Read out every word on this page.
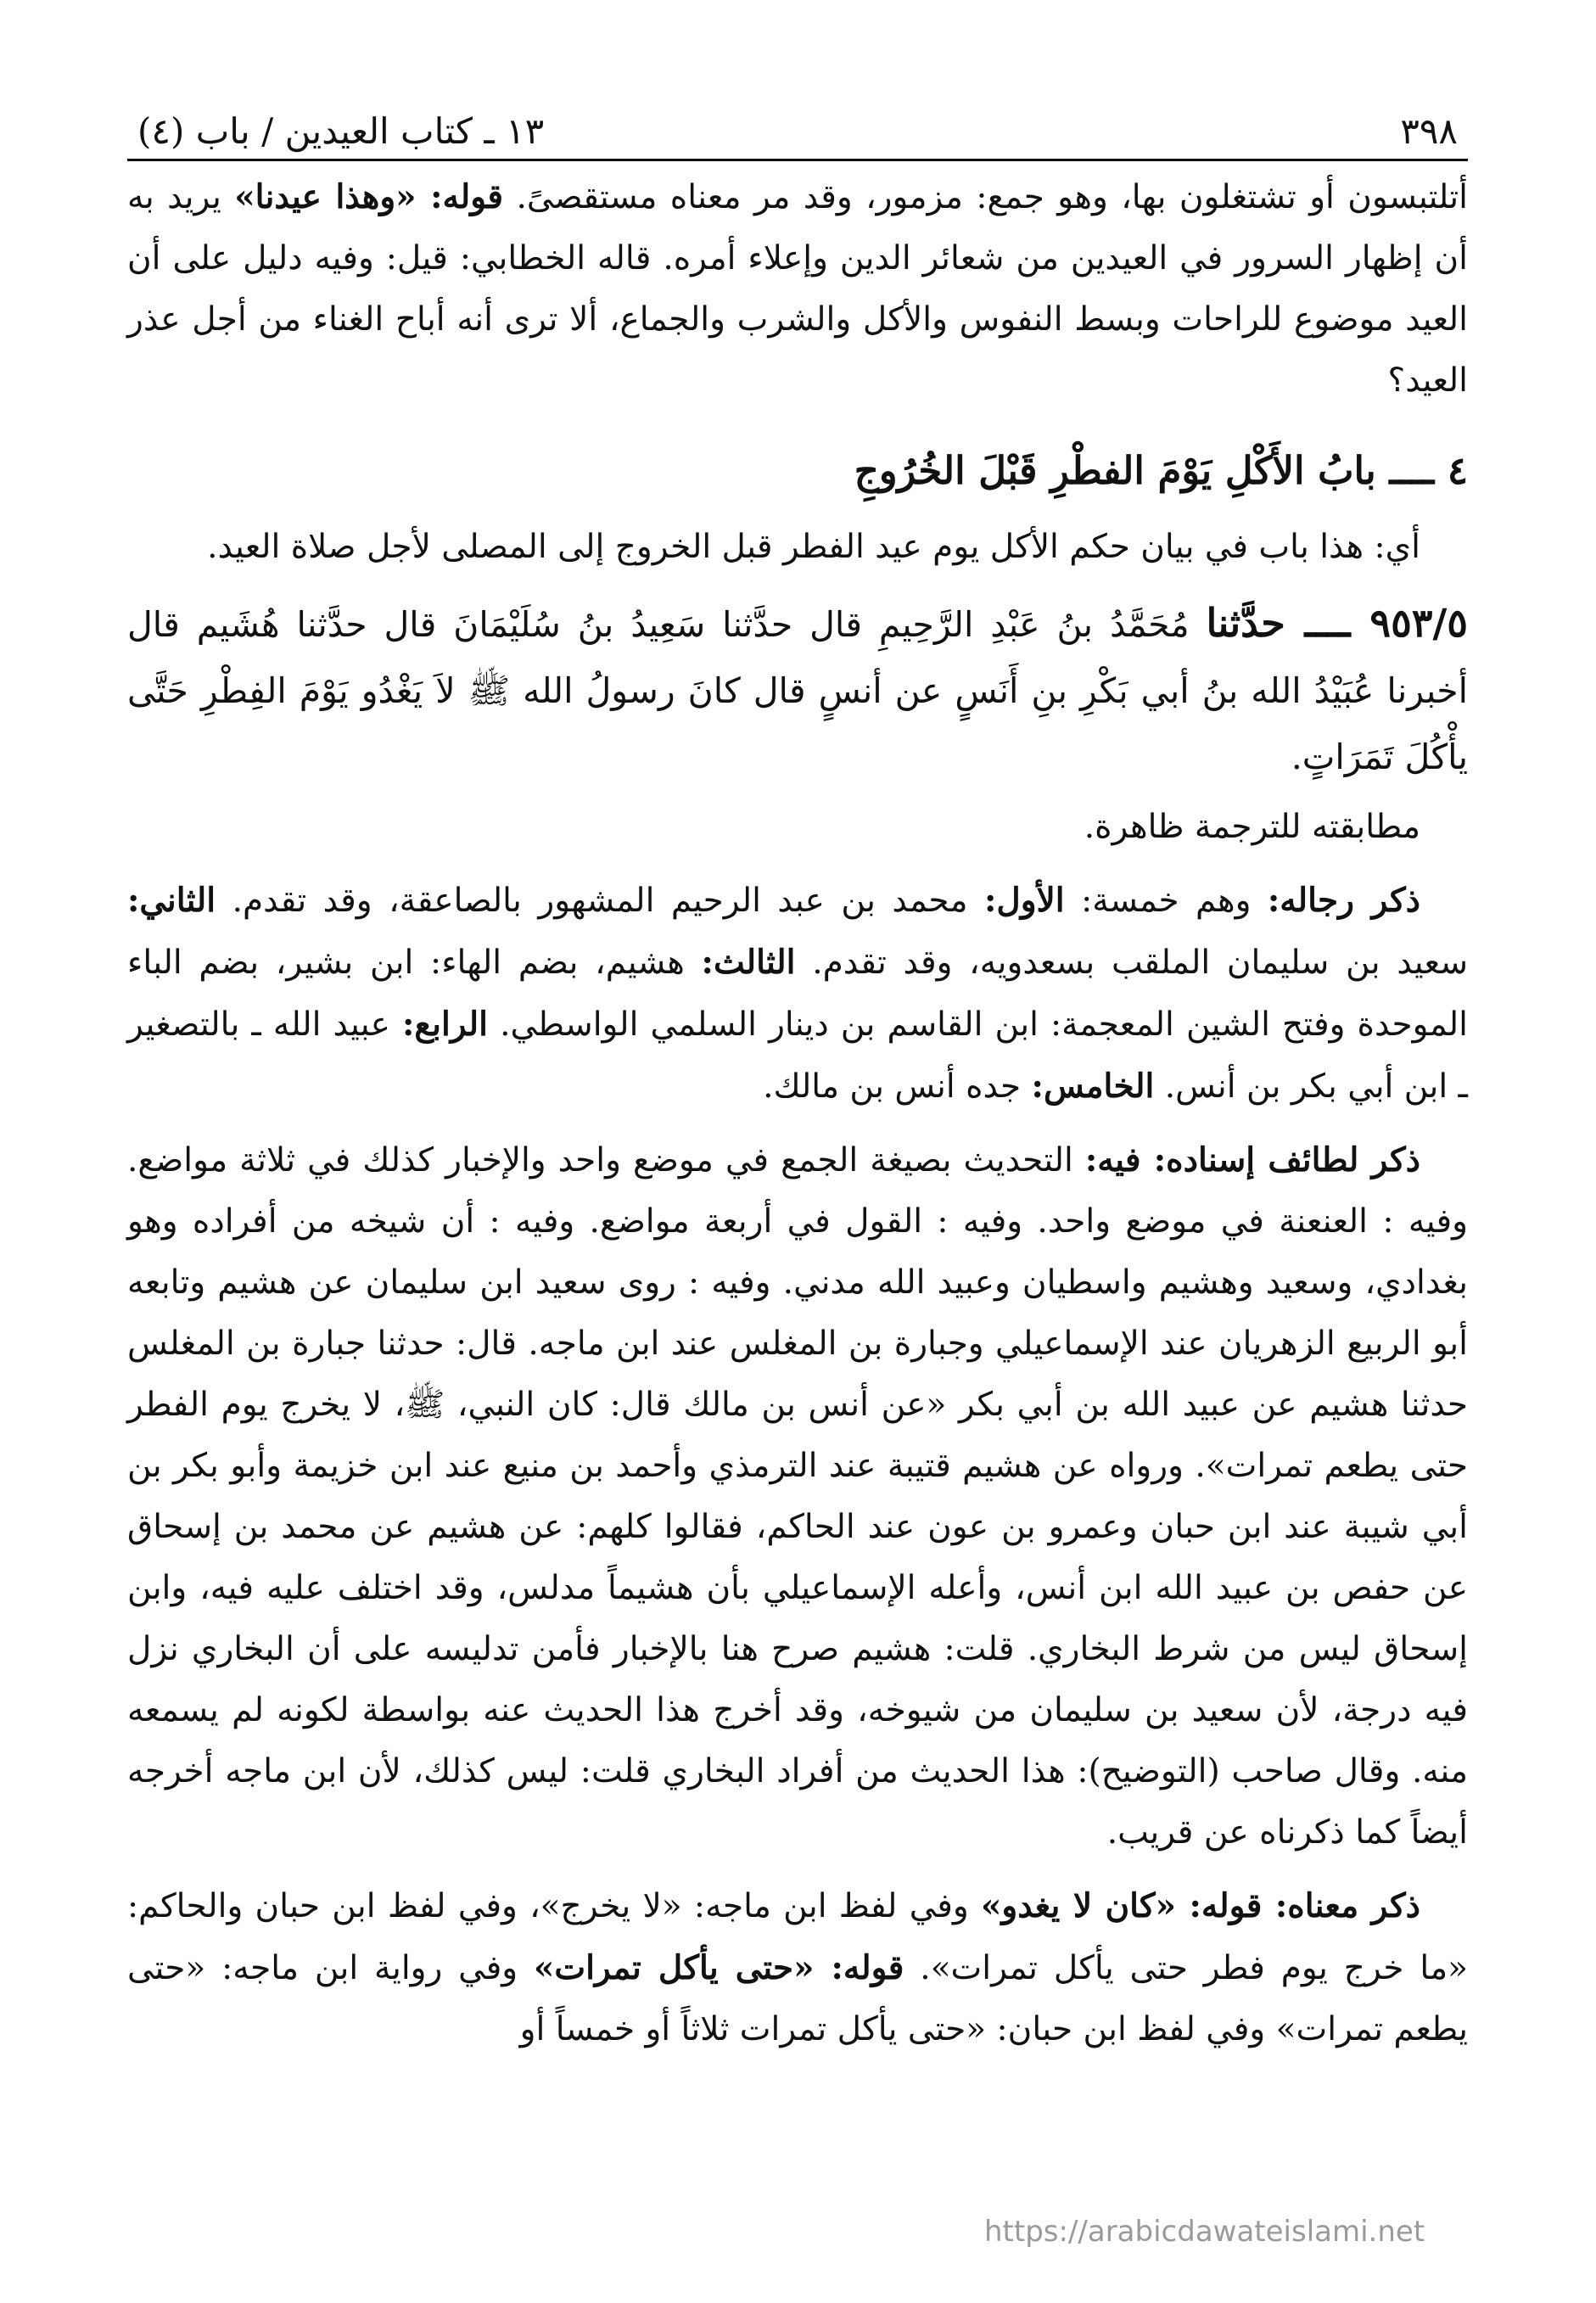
٣٩٨
١٣ ـ كتاب العيدين / باب (٤)

أتلتبسون أو تشتغلون بها، وهو جمع: مزمور، وقد مر معناه مستقصىً. قوله: «وهذا عيدنا» يريد به أن إظهار السرور في العيدين من شعائر الدين وإعلاء أمره. قاله الخطابي: قيل: وفيه دليل على أن العيد موضوع للراحات وبسط النفوس والأكل والشرب والجماع، ألا ترى أنه أباح الغناء من أجل عذر العيد؟

٤ ــــ بابُ الأَكْلِ يَوْمَ الفطْرِ قَبْلَ الخُرُوجِ

أي: هذا باب في بيان حكم الأكل يوم عيد الفطر قبل الخروج إلى المصلى لأجل صلاة العيد.

٩٥٣/٥ ــــ حدَّثنا مُحَمَّدُ بنُ عَبْدِ الرَّحِيمِ قال حدَّثنا سَعِيدُ بنُ سُلَيْمَانَ قال حدَّثنا هُشَيم قال أخبرنا عُبَيْدُ الله بنُ أبي بَكْرِ بنِ أَنَسٍ عن أنسٍ قال كانَ رسولُ الله ﷺ لاَ يَغْدُو يَوْمَ الفِطْرِ حَتَّى يأْكُلَ تَمَرَاتٍ.

مطابقته للترجمة ظاهرة.

ذكر رجاله: وهم خمسة: الأول: محمد بن عبد الرحيم المشهور بالصاعقة، وقد تقدم. الثاني: سعيد بن سليمان الملقب بسعدويه، وقد تقدم. الثالث: هشيم، بضم الهاء: ابن بشير، بضم الباء الموحدة وفتح الشين المعجمة: ابن القاسم بن دينار السلمي الواسطي. الرابع: عبيد الله ـ بالتصغير ـ ابن أبي بكر بن أنس. الخامس: جده أنس بن مالك.

ذكر لطائف إسناده: فيه: التحديث بصيغة الجمع في موضع واحد والإخبار كذلك في ثلاثة مواضع. وفيه : العنعنة في موضع واحد. وفيه : القول في أربعة مواضع. وفيه : أن شيخه من أفراده وهو بغدادي، وسعيد وهشيم واسطيان وعبيد الله مدني. وفيه : روى سعيد ابن سليمان عن هشيم وتابعه أبو الربيع الزهريان عند الإسماعيلي وجبارة بن المغلس عند ابن ماجه. قال: حدثنا جبارة بن المغلس حدثنا هشيم عن عبيد الله بن أبي بكر «عن أنس بن مالك قال: كان النبي، ﷺ، لا يخرج يوم الفطر حتى يطعم تمرات». ورواه عن هشيم قتيبة عند الترمذي وأحمد بن منيع عند ابن خزيمة وأبو بكر بن أبي شيبة عند ابن حبان وعمرو بن عون عند الحاكم، فقالوا كلهم: عن هشيم عن محمد بن إسحاق عن حفص بن عبيد الله ابن أنس، وأعله الإسماعيلي بأن هشيماً مدلس، وقد اختلف عليه فيه، وابن إسحاق ليس من شرط البخاري. قلت: هشيم صرح هنا بالإخبار فأمن تدليسه على أن البخاري نزل فيه درجة، لأن سعيد بن سليمان من شيوخه، وقد أخرج هذا الحديث عنه بواسطة لكونه لم يسمعه منه. وقال صاحب (التوضيح): هذا الحديث من أفراد البخاري قلت: ليس كذلك، لأن ابن ماجه أخرجه أيضاً كما ذكرناه عن قريب.

ذكر معناه: قوله: «كان لا يغدو» وفي لفظ ابن ماجه: «لا يخرج»، وفي لفظ ابن حبان والحاكم: «ما خرج يوم فطر حتى يأكل تمرات». قوله: «حتى يأكل تمرات» وفي رواية ابن ماجه: «حتى يطعم تمرات» وفي لفظ ابن حبان: «حتى يأكل تمرات ثلاثاً أو خمساً أو

https://arabicdawateislami.net
